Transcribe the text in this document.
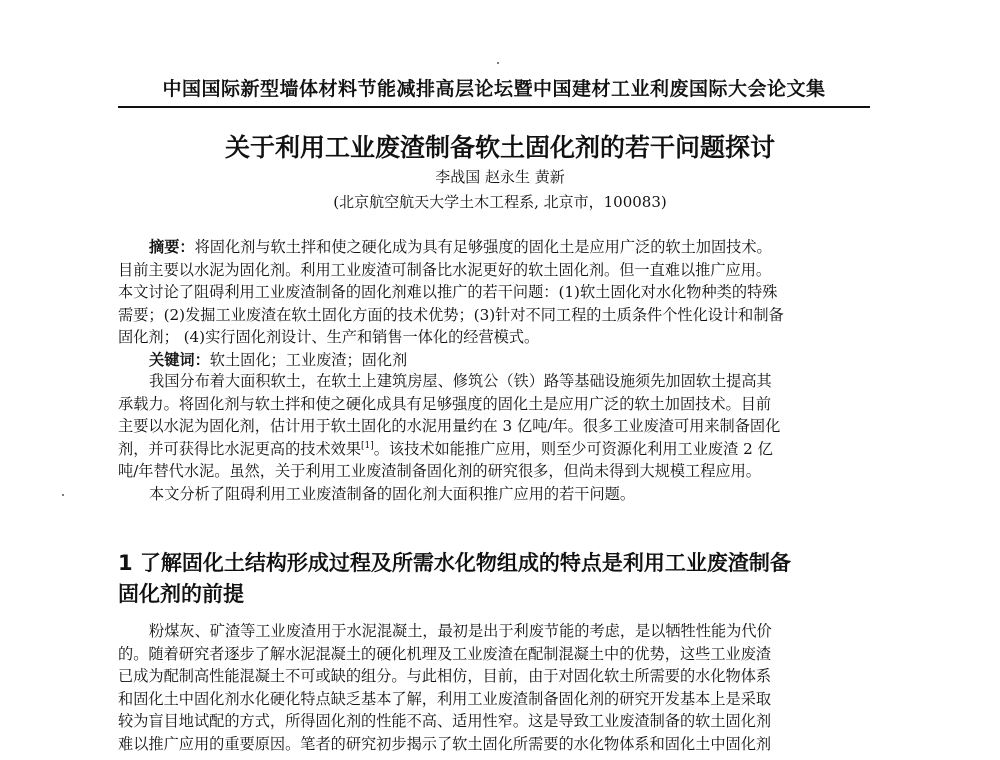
中国国际新型墙体材料节能减排高层论坛暨中国建材工业利废国际大会论文集
关于利用工业废渣制备软土固化剂的若干问题探讨
李战国 赵永生 黄新
(北京航空航天大学土木工程系, 北京市，100083)
摘要：将固化剂与软土拌和使之硬化成为具有足够强度的固化土是应用广泛的软土加固技术。
目前主要以水泥为固化剂。利用工业废渣可制备比水泥更好的软土固化剂。但一直难以推广应用。
本文讨论了阻碍利用工业废渣制备的固化剂难以推广的若干问题：(1)软土固化对水化物种类的特殊
需要；(2)发掘工业废渣在软土固化方面的技术优势；(3)针对不同工程的土质条件个性化设计和制备
固化剂； (4)实行固化剂设计、生产和销售一体化的经营模式。
关键词：软土固化；工业废渣；固化剂
我国分布着大面积软土，在软土上建筑房屋、修筑公（铁）路等基础设施须先加固软土提高其
承载力。将固化剂与软土拌和使之硬化成具有足够强度的固化土是应用广泛的软土加固技术。目前
主要以水泥为固化剂，估计用于软土固化的水泥用量约在 3 亿吨/年。很多工业废渣可用来制备固化
剂，并可获得比水泥更高的技术效果[1]。该技术如能推广应用，则至少可资源化利用工业废渣 2 亿
吨/年替代水泥。虽然，关于利用工业废渣制备固化剂的研究很多，但尚未得到大规模工程应用。
本文分析了阻碍利用工业废渣制备的固化剂大面积推广应用的若干问题。
1 了解固化土结构形成过程及所需水化物组成的特点是利用工业废渣制备
固化剂的前提
粉煤灰、矿渣等工业废渣用于水泥混凝土，最初是出于利废节能的考虑，是以牺牲性能为代价
的。随着研究者逐步了解水泥混凝土的硬化机理及工业废渣在配制混凝土中的优势，这些工业废渣
已成为配制高性能混凝土不可或缺的组分。与此相仿，目前，由于对固化软土所需要的水化物体系
和固化土中固化剂水化硬化特点缺乏基本了解，利用工业废渣制备固化剂的研究开发基本上是采取
较为盲目地试配的方式，所得固化剂的性能不高、适用性窄。这是导致工业废渣制备的软土固化剂
难以推广应用的重要原因。笔者的研究初步揭示了软土固化所需要的水化物体系和固化土中固化剂
